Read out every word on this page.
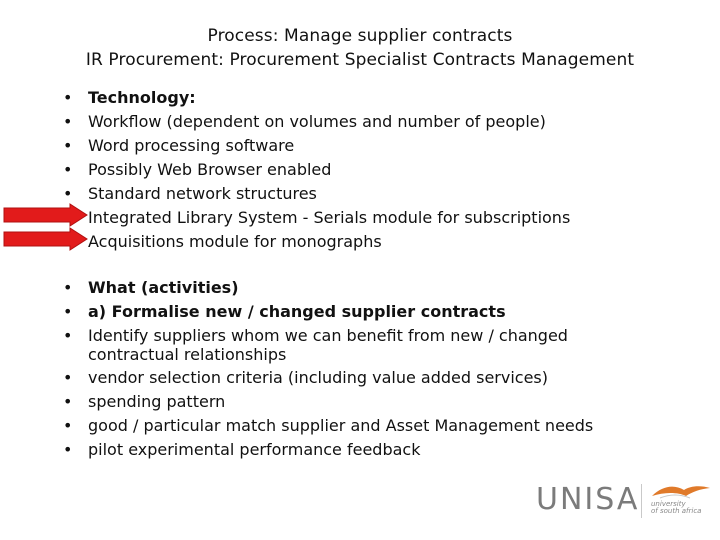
Process: Manage supplier contracts
IR Procurement: Procurement Specialist Contracts Management
• Technology:
• Workflow (dependent on volumes and number of people)
• Word processing software
• Possibly Web Browser enabled
• Standard network structures
Integrated Library System - Serials module for subscriptions
Acquisitions module for monographs
• What (activities)
• a) Formalise new / changed supplier contracts
• Identify suppliers whom we can benefit from new / changed
contractual relationships
• vendor selection criteria (including value added services)
• spending pattern
• good / particular match supplier and Asset Management needs
• pilot experimental performance feedback
UNISA university
of south africa
